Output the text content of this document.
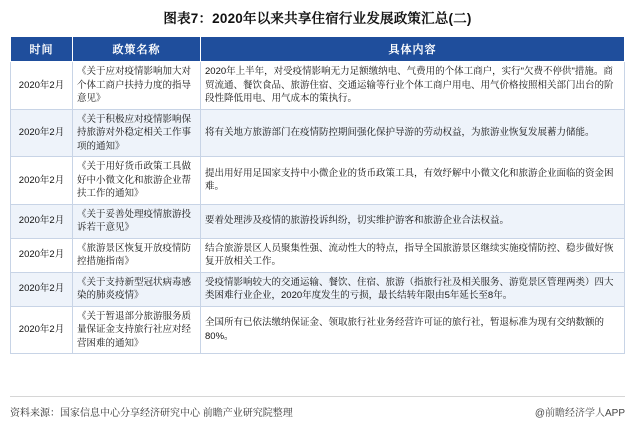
图表7：2020年以来共享住宿行业发展政策汇总(二)
时间	政策名称	具体内容
2020年2月	《关于应对疫情影响加大对个体工商户扶持力度的指导意见》	2020年上半年，对受疫情影响无力足额缴纳电、气费用的个体工商户，实行"欠费不停供"措施。商贸流通、餐饮食品、旅游住宿、交通运输等行业个体工商户用电、用气价格按照相关部门出台的阶段性降低用电、用气成本的策执行。
2020年2月	《关于积极应对疫情影响保持旅游对外稳定相关工作事项的通知》	将有关地方旅游部门在疫情防控期间强化保护导游的劳动权益，为旅游业恢复发展蓄力储能。
2020年2月	《关于用好货币政策工具做好中小微文化和旅游企业帮扶工作的通知》	提出用好用足国家支持中小微企业的货币政策工具，有效纾解中小微文化和旅游企业面临的资金困难。
2020年2月	《关于妥善处理疫情旅游投诉若干意见》	要着处理涉及疫情的旅游投诉纠纷，切实维护游客和旅游企业合法权益。
2020年2月	《旅游景区恢复开放疫情防控措施指南》	结合旅游景区人员聚集性强、流动性大的特点，指导全国旅游景区继续实施疫情防控、稳步做好恢复开放相关工作。
2020年2月	《关于支持新型冠状病毒感染的肺炎疫情》	受疫情影响较大的交通运输、餐饮、住宿、旅游（指旅行社及相关服务、游览景区管理两类）四大类困难行业企业，2020年度发生的亏损，最长结转年限由5年延长至8年。
2020年2月	《关于暂退部分旅游服务质量保证金支持旅行社应对经营困难的通知》	全国所有已依法缴纳保证金、领取旅行社业务经营许可证的旅行社，暂退标准为现有交纳数额的80%。
资料来源：国家信息中心分享经济研究中心 前瞻产业研究院整理	@前瞻经济学人APP
